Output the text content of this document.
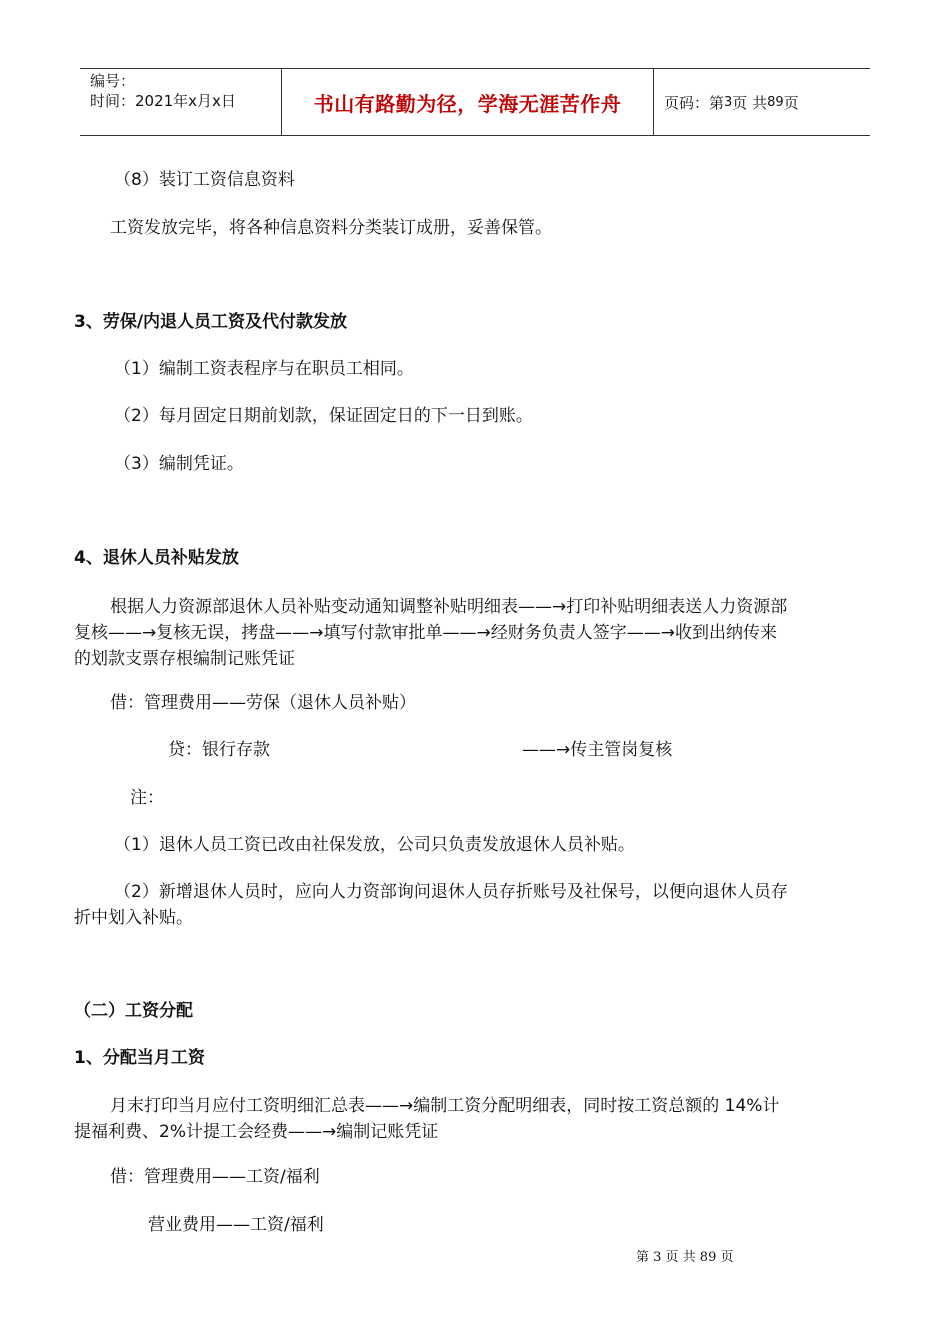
编号：
时间：2021年x月x日	书山有路勤为径，学海无涯苦作舟	页码：第 3 页 共 89 页
（8）装订工资信息资料
工资发放完毕，将各种信息资料分类装订成册，妥善保管。
3、劳保/内退人员工资及代付款发放
（1）编制工资表程序与在职员工相同。
（2）每月固定日期前划款，保证固定日的下一日到账。
（3）编制凭证。
4、退休人员补贴发放
根据人力资源部退休人员补贴变动通知调整补贴明细表——→打印补贴明细表送人力资源部
复核——→复核无误，拷盘——→填写付款审批单——→经财务负责人签字——→收到出纳传来
的划款支票存根编制记账凭证
借：管理费用——劳保（退休人员补贴）
贷：银行存款	——→传主管岗复核
注：
（1）退休人员工资已改由社保发放，公司只负责发放退休人员补贴。
（2）新增退休人员时，应向人力资部询问退休人员存折账号及社保号，以便向退休人员存
折中划入补贴。
（二）工资分配
1、分配当月工资
月末打印当月应付工资明细汇总表——→编制工资分配明细表，同时按工资总额的 14%计
提福利费、2%计提工会经费——→编制记账凭证
借：管理费用——工资/福利
营业费用——工资/福利
第 3 页 共 89 页
